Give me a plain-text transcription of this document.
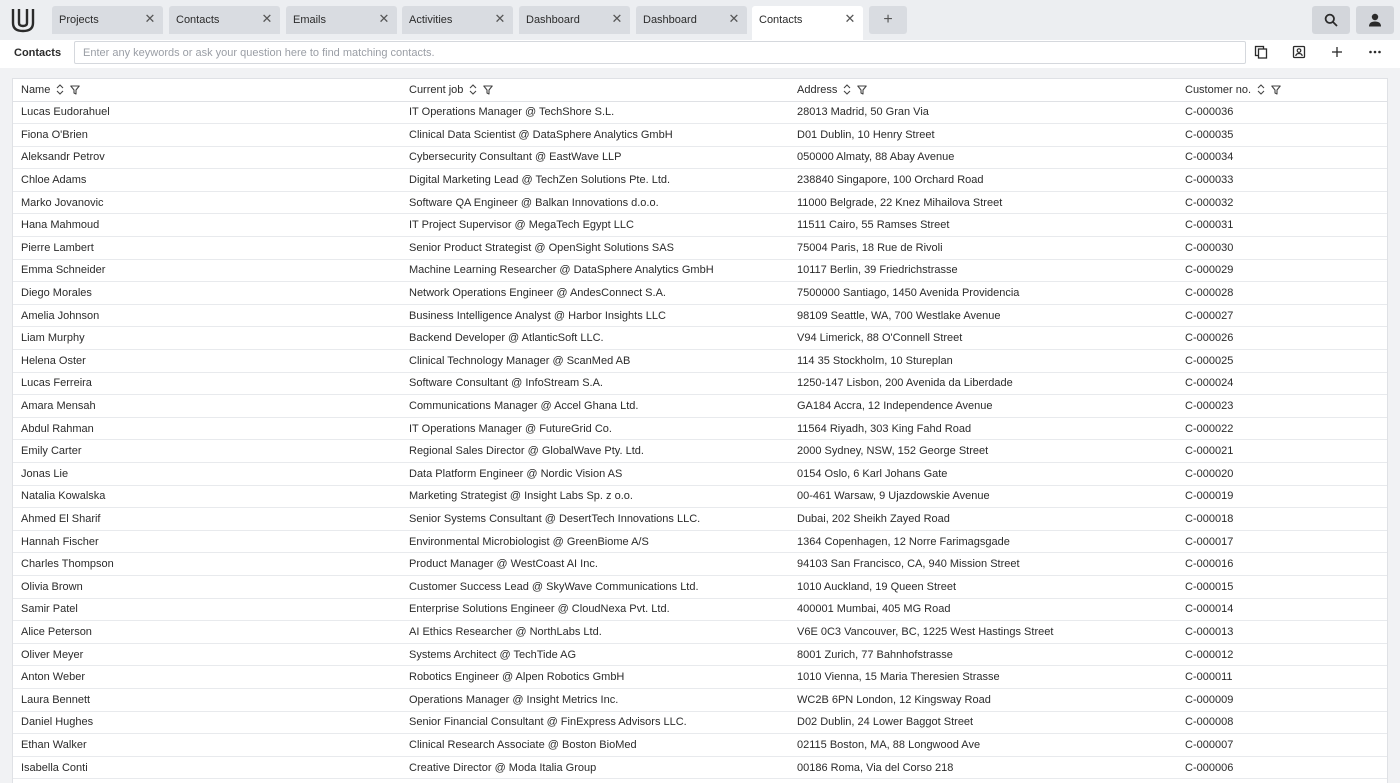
Projects	✕ Contacts	✕ Emails	✕ Activities	✕ Dashboard ✕ Dashboard ✕ Contacts	✕	+
Contacts
Enter any keywords or ask your question here to find matching contacts.
Name	Current job	Address	Customer no.

Lucas Eudorahuel	IT Operations Manager @ TechShore S.L.	28013 Madrid, 50 Gran Via	C-000036
Fiona O'Brien	Clinical Data Scientist @ DataSphere Analytics GmbH	D01 Dublin, 10 Henry Street	C-000035
Aleksandr Petrov	Cybersecurity Consultant @ EastWave LLP	050000 Almaty, 88 Abay Avenue	C-000034
Chloe Adams	Digital Marketing Lead @ TechZen Solutions Pte. Ltd.	238840 Singapore, 100 Orchard Road	C-000033
Marko Jovanovic	Software QA Engineer @ Balkan Innovations d.o.o.	11000 Belgrade, 22 Knez Mihailova Street	C-000032
Hana Mahmoud	IT Project Supervisor @ MegaTech Egypt LLC	11511 Cairo, 55 Ramses Street	C-000031
Pierre Lambert	Senior Product Strategist @ OpenSight Solutions SAS	75004 Paris, 18 Rue de Rivoli	C-000030
Emma Schneider	Machine Learning Researcher @ DataSphere Analytics GmbH	10117 Berlin, 39 Friedrichstrasse	C-000029
Diego Morales	Network Operations Engineer @ AndesConnect S.A.	7500000 Santiago, 1450 Avenida Providencia	C-000028
Amelia Johnson	Business Intelligence Analyst @ Harbor Insights LLC	98109 Seattle, WA, 700 Westlake Avenue	C-000027
Liam Murphy	Backend Developer @ AtlanticSoft LLC.	V94 Limerick, 88 O'Connell Street	C-000026
Helena Oster	Clinical Technology Manager @ ScanMed AB	114 35 Stockholm, 10 Stureplan	C-000025
Lucas Ferreira	Software Consultant @ InfoStream S.A.	1250-147 Lisbon, 200 Avenida da Liberdade	C-000024
Amara Mensah	Communications Manager @ Accel Ghana Ltd.	GA184 Accra, 12 Independence Avenue	C-000023
Abdul Rahman	IT Operations Manager @ FutureGrid Co.	11564 Riyadh, 303 King Fahd Road	C-000022
Emily Carter	Regional Sales Director @ GlobalWave Pty. Ltd.	2000 Sydney, NSW, 152 George Street	C-000021
Jonas Lie	Data Platform Engineer @ Nordic Vision AS	0154 Oslo, 6 Karl Johans Gate	C-000020
Natalia Kowalska	Marketing Strategist @ Insight Labs Sp. z o.o.	00-461 Warsaw, 9 Ujazdowskie Avenue	C-000019
Ahmed El Sharif	Senior Systems Consultant @ DesertTech Innovations LLC.	Dubai, 202 Sheikh Zayed Road	C-000018
Hannah Fischer	Environmental Microbiologist @ GreenBiome A/S	1364 Copenhagen, 12 Norre Farimagsgade	C-000017
Charles Thompson	Product Manager @ WestCoast AI Inc.	94103 San Francisco, CA, 940 Mission Street	C-000016
Olivia Brown	Customer Success Lead @ SkyWave Communications Ltd.	1010 Auckland, 19 Queen Street	C-000015
Samir Patel	Enterprise Solutions Engineer @ CloudNexa Pvt. Ltd.	400001 Mumbai, 405 MG Road	C-000014
Alice Peterson	AI Ethics Researcher @ NorthLabs Ltd.	V6E 0C3 Vancouver, BC, 1225 West Hastings Street	C-000013
Oliver Meyer	Systems Architect @ TechTide AG	8001 Zurich, 77 Bahnhofstrasse	C-000012
Anton Weber	Robotics Engineer @ Alpen Robotics GmbH	1010 Vienna, 15 Maria Theresien Strasse	C-000011
Laura Bennett	Operations Manager @ Insight Metrics Inc.	WC2B 6PN London, 12 Kingsway Road	C-000009
Daniel Hughes	Senior Financial Consultant @ FinExpress Advisors LLC.	D02 Dublin, 24 Lower Baggot Street	C-000008
Ethan Walker	Clinical Research Associate @ Boston BioMed	02115 Boston, MA, 88 Longwood Ave	C-000007
Isabella Conti	Creative Director @ Moda Italia Group	00186 Roma, Via del Corso 218	C-000006
